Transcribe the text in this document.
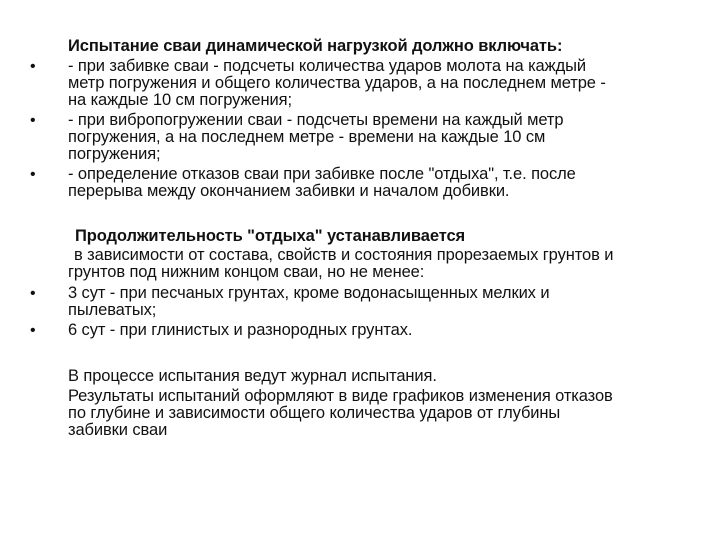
Испытание сваи динамической нагрузкой должно включать:
• - при забивке сваи - подсчеты количества ударов молота на каждый
метр погружения и общего количества ударов, а на последнем метре -
на каждые 10 см погружения;
• - при вибропогружении сваи - подсчеты времени на каждый метр
погружения, а на последнем метре - времени на каждые 10 см
погружения;
• - определение отказов сваи при забивке после "отдыха", т.е. после
перерыва между окончанием забивки и началом добивки.
Продолжительность "отдыха" устанавливается
в зависимости от состава, свойств и состояния прорезаемых грунтов и
грунтов под нижним концом сваи, но не менее:
• 3 сут - при песчаных грунтах, кроме водонасыщенных мелких и
пылеватых;
• 6 сут - при глинистых и разнородных грунтах.
В процессе испытания ведут журнал испытания.
Результаты испытаний оформляют в виде графиков изменения отказов
по глубине и зависимости общего количества ударов от глубины
забивки сваи
